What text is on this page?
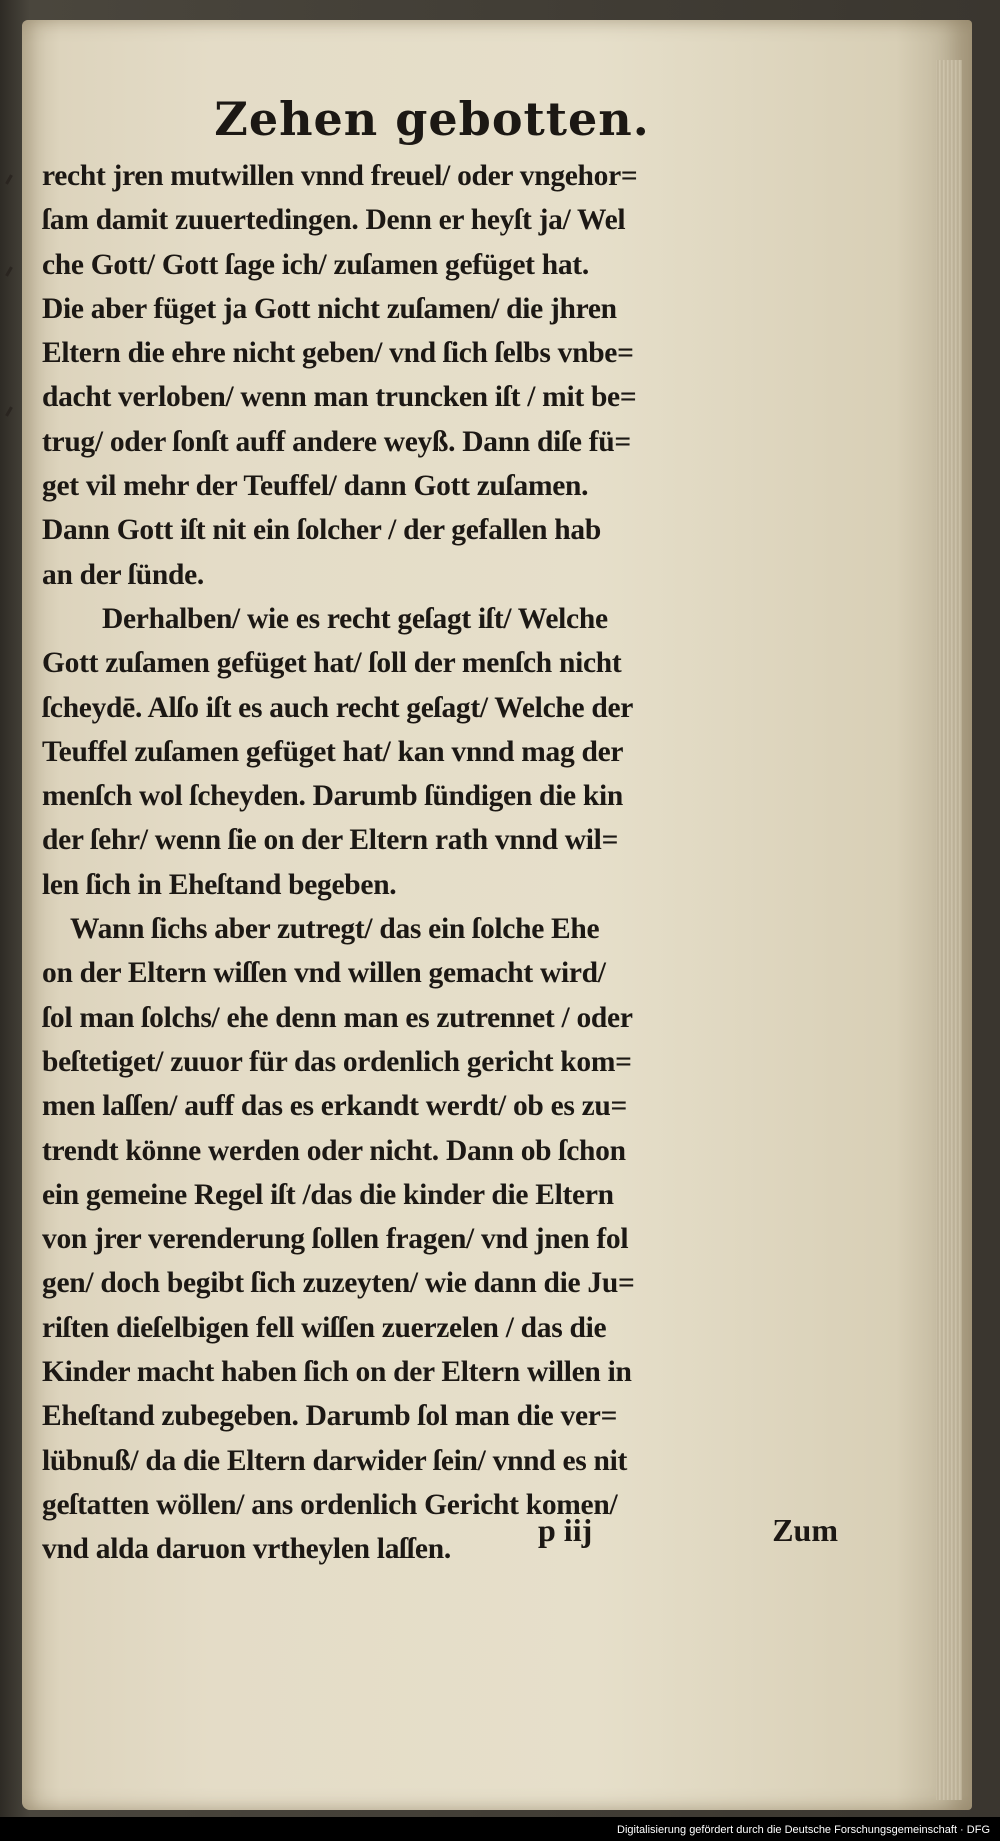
Zehen gebotten.
recht jren mutwillen vnnd freuel/ oder vngehor=
ſam damit zuuertedingen. Denn er heyſt ja/ Wel
che Gott/ Gott ſage ich/ zuſamen gefüget hat.
Die aber füget ja Gott nicht zuſamen/ die jhren
Eltern die ehre nicht geben/ vnd ſich ſelbs vnbe=
dacht verloben/ wenn man truncken iſt / mit be=
trug/ oder ſonſt auff andere weyß. Dann diſe fü=
get vil mehr der Teuffel/ dann Gott zuſamen.
Dann Gott iſt nit ein ſolcher / der gefallen hab
an der ſünde.
Derhalben/ wie es recht geſagt iſt/ Welche
Gott zuſamen gefüget hat/ ſoll der menſch nicht
ſcheydē. Alſo iſt es auch recht geſagt/ Welche der
Teuffel zuſamen gefüget hat/ kan vnnd mag der
menſch wol ſcheyden. Darumb ſündigen die kin
der ſehr/ wenn ſie on der Eltern rath vnnd wil=
len ſich in Eheſtand begeben.
Wann ſichs aber zutregt/ das ein ſolche Ehe
on der Eltern wiſſen vnd willen gemacht wird/
ſol man ſolchs/ ehe denn man es zutrennet / oder
beſtetiget/ zuuor für das ordenlich gericht kom=
men laſſen/ auff das es erkandt werdt/ ob es zu=
trendt könne werden oder nicht. Dann ob ſchon
ein gemeine Regel iſt /das die kinder die Eltern
von jrer verenderung ſollen fragen/ vnd jnen fol
gen/ doch begibt ſich zuzeyten/ wie dann die Ju=
riſten dieſelbigen fell wiſſen zuerzelen / das die
Kinder macht haben ſich on der Eltern willen in
Eheſtand zubegeben. Darumb ſol man die ver=
lübnuß/ da die Eltern darwider ſein/ vnnd es nit
geſtatten wöllen/ ans ordenlich Gericht komen/
vnd alda daruon vrtheylen laſſen.
p iij	Zum
Digitalisierung gefördert durch die Deutsche Forschungsgemeinschaft · DFG
